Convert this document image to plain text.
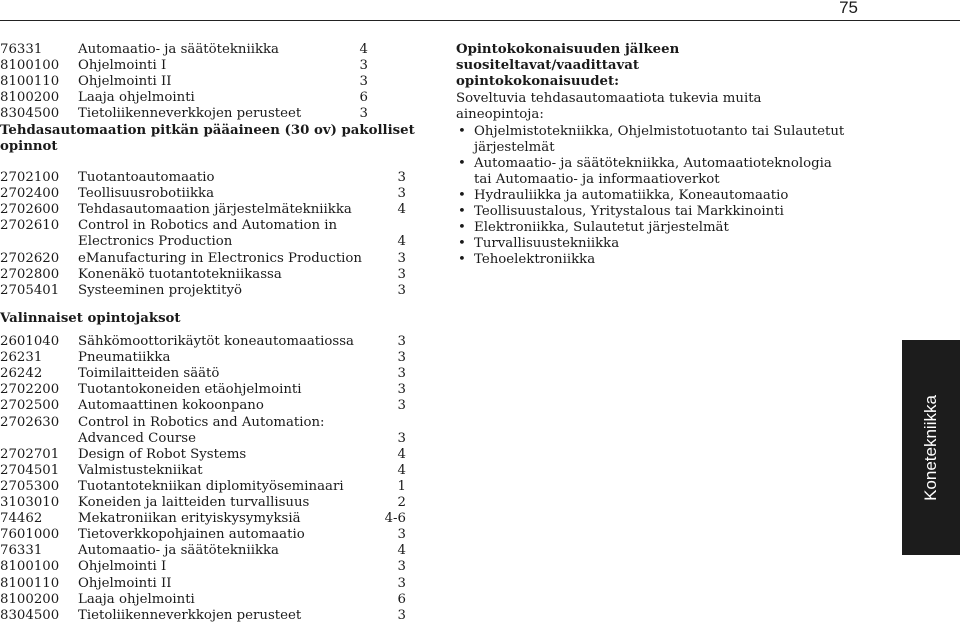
75
76331	Automaatio- ja säätötekniikka	4
8100100 Ohjelmointi I	3
8100110 Ohjelmointi II	3
8100200 Laaja ohjelmointi	6
8304500 Tietoliikenneverkkojen perusteet	3
2702100 Tuotantoautomaatio	3
2702400 Teollisuusrobotiikka	3
2702600 Tehdasautomaation järjestelmätekniikka	4
2702610 Control in Robotics and Automation in
Electronics Production	4
2702620 eManufacturing in Electronics Production	3
2702800 Konenäkö tuotantotekniikassa	3
2705401 Systeeminen projektityö	3
2601040 Sähkömoottorikäytöt koneautomaatiossa	3
26231	Pneumatiikka	3
26242	Toimilaitteiden säätö	3
2702200 Tuotantokoneiden etäohjelmointi	3
2702500 Automaattinen kokoonpano	3
2702630 Control in Robotics and Automation:
Advanced Course	3
2702701 Design of Robot Systems	4
2704501 Valmistustekniikat	4
2705300 Tuotantotekniikan diplomityöseminaari	1
3103010 Koneiden ja laitteiden turvallisuus	2
74462	Mekatroniikan erityiskysymyksiä	4-6
7601000 Tietoverkkopohjainen automaatio	3
76331	Automaatio- ja säätötekniikka	4
8100100 Ohjelmointi I	3
8100110 Ohjelmointi II	3
8100200 Laaja ohjelmointi	6
8304500 Tietoliikenneverkkojen perusteet	3
Tehdasautomaation pitkän pääaineen (30 ov) pakolliset
opinnot
Valinnaiset opintojaksot
Opintokokonaisuuden jälkeen suositeltavat/vaadittavat
opintokokonaisuudet:
Soveltuvia tehdasautomaatiota tukevia muita aineopintoja:
• Ohjelmistotekniikka, Ohjelmistotuotanto tai Sulautetut järjestelmät
• Automaatio- ja säätötekniikka, Automaatioteknologia tai Automaatio- ja informaatioverkot
• Hydrauliikka ja automatiikka, Koneautomaatio
• Teollisuustalous, Yritystalous tai Markkinointi
• Elektroniikka, Sulautetut järjestelmät
• Turvallisuustekniikka
• Tehoelektroniikka
Konetekniikka
